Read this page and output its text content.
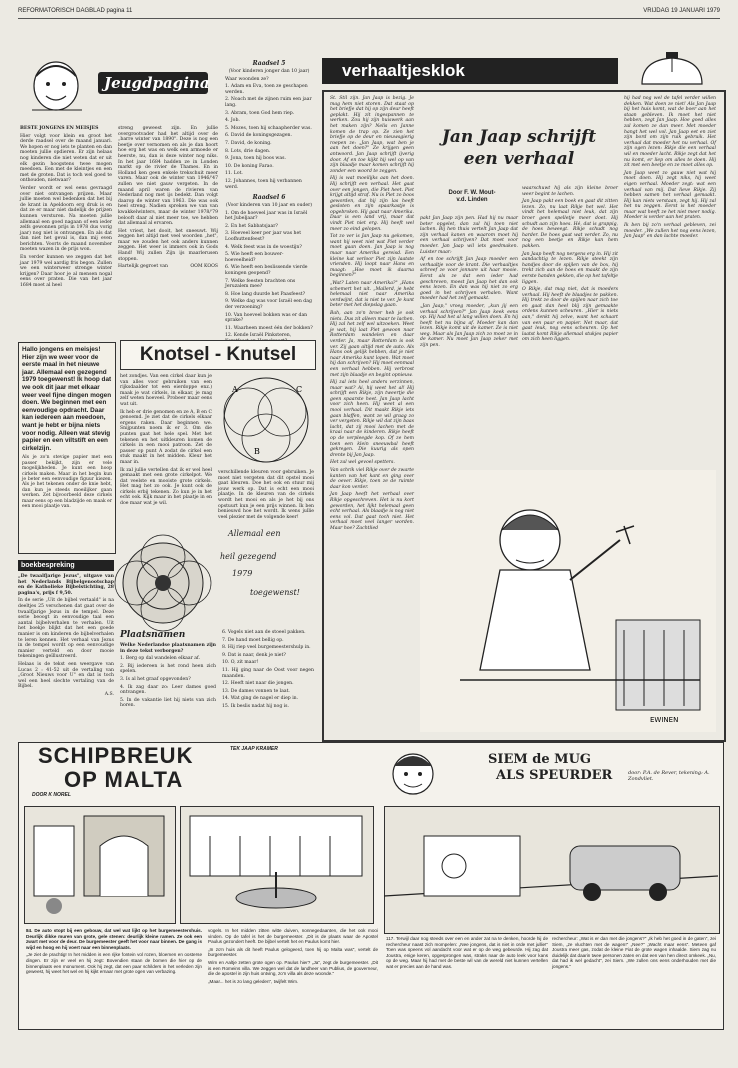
REFORMATORISCH DAGBLAD pagina 11	VRIJDAG 19 JANUARI 1979
Jeugdpagina

BESTE JONGENS EN MEISJES

Hier volgt voor klein en groot het derde raadsel over de maand januari. We hopen er nog iets te planten en dan moeten jullie opdieren. Er zijn helaas nog kinderen die niet weten dat er uit elk gezin hoogstens twee mogen meedoen. Een met de kleintjes en een met de groten. Dat is toch wel goed te onthouden, nietwaar?

Verder wordt er wel eens gevraagd over niet ontvangen prijzen. Maar jullie moeten wel bedenken dat het bij de krant in Apeldoorn erg druk is en dat ze er maar niet dadelijk de prijzen kunnen versturen. Na moeten jullie allemaal een goed nagaan of een ieder zelfs gewonnen prijs in 1978 dus vorig jaar) nog niet is ontvangen. En als dat dan niet het geval is, dan mij even berichten. Voorts de maand november moeten wazen in de prijs won.

En verder kunnen we zeggen dat het jaar 1979 wel aardig fris begon. Zullen we een winterweer strenge winter krijgen? Daar hoor je al mensen nogal eens over praten. Die van het jaar 1684 moet al heel

streng geweest zijn. En jullie overgrootvader had het altijd over de „barre winter van 1890". Deze is nog een beetje over vernomen en als je dan hoort hoe erg het was en welk een armoede er heerste, nu, dan is deze winter nog niks. In het jaar 1684 hadden ze in Londen markt op de rivier de Thames. En in Holland ken geen enkele trekschuit meer varen. Maar ook de winter van 1946/'47 zullen we niet gauw vergeten. In de maand april waren de rivieren van Nederland nog met ijs bedekt. Dan volgt daarop de winter van 1963. Die was ook heel streng. Nadien spreken we van van kwakkelwinters, maar de winter 1978/'79 belooft daar al niet meer toe, we hebben dat allemaal al ervaren.

Het vriest, het dooit, het sneeuwt. Wij zeggen het altijd met veel woorden „het", maar we zouden het ook anders kunnen zeggen. Het weer is immers ook in Gods Hand! Wij zullen Zijn ijs maarlerusen stoppen.

Hartelijk gegroet van	OOM KOOS

Raadsel 5

(Voor kinderen jonger dan 10 jaar)

Waar woonden ze?

1. Adam en Eva, toen ze geschapen werden.

2. Noach met de zijnen ruim een jaar lang.

3. Abram, toen God hem riep.

4. Job.

5. Mozes, toen hij schaapherder was.

6. David de koningsgezagen.

7. David, de koning.

8. Lots, drie dagen.

9. Jona, toen hij boos was.

10. De koning Farao.

11. Lot.

12. Johannes, toen hij verbannen werd.

Raadsel 6

(Voor kinderen van 10 jaar en ouder)

1. Om de hoeveel jaar was in Israël het Jubeljaar?

2. En het Sabbatsjaar?

3. Hoeveel keer per jaar was het Loofhuttenfeest?

4. Welk feest was in de woestijn?

5. Wie heeft een bouwer-hoeveelheid?

6. Wie heeft een beslissende vierde koningen geopend?

7. Welke feesten brachten ons Jeruzalem mee?

8. Hoe lang duurde het Paasfeest?

9. Welke dag was voor Israël een dag der verzoening?

10. Van hoeveel bokken was er dan sprake?

11. Waarheen moest één der bokken?

12. Kende Israël Pinksteren,

Hallo jongens en meisjes! Hier zijn we weer voor de eerste maal in het nieuwe jaar. Allemaal een gezegend 1979 toegewenst! Ik hoop dat we ook dit jaar met elkaar weer veel fijne dingen mogen doen. We beginnen met een eenvoudige opdracht. Daar kan iedereen aan meedoen, want je hebt er bijna niets voor nodig. Alleen wat stevig papier en een viltstift en een cirkelzijn.
Als je zo'n stevige papier met een passer bekijkt, zijn er vele mogelijkheden. Je kunt een hoop cirkels maken. Maar in het begin kun je beter een eenvoudige figuur kiezen. Als je het tekenen onder de knie hebt, dan kun je steeds moeilijker gaan werken. Zet bijvoorbeeld deze cirkels maar eens op een bladzijde en maak er een mooi plaatje van.
Knotsel - Knutsel

het zondjes. Van een cirkel daar kun je van alles voor gebruiken van een rijksdaalder tot een eierdoppe enz.) maak je wat cirkels, in elkaar, je mag zelf weten hoeveel. Probeer maar eens wat uit.

Ik heb er drie genomen en ze A, B en C genoemd. Je ziet dat de cirkels elkaar ergens raken. Daar beginnen we. Snijpunten noem ik er 3. Om die punten gaat het hele spel. Met het tekenen en het uitkleuren komen de cirkels in een mooi patroon. Zet de passer op punt A zodat de cirkel een stuk maakt in het midden. Kleur het maar in.

Ik zal jullie vertellen dat ik er wel heel gemaakt met een grote cirkelpot. We dat veelste en mooiste grote cirkels. Het mag het zo ook. Je kunt ook de cirkels erbij tekenen. Zo kun je in het echt ook. Kijk maar in het plaatje in en doe maar wat je wil.

A
B
C

verschillende kleuren voor gebruiken. Je moet niet vergeten dat dit opstel mooi gaat kleuren. Doe het ook en stuur mij jouw werk op. Dat is echt een mooi plaatje. In de kleuren van de cirkels wordt het mooi en als je het bij ons opstuurt kun je een prijs winnen. Ik ben benieuwd hoe het wordt. Ik wens jullie veel plezier met de volgende keer!

Allemaal een
heil gezegend
1979
toegewenst!
boekbespreking

„De twaalfjarige Jezus", uitgave van het Nederlands Bijbelgenootschap en de Katholieke Bijbelstichting, 28 pagina's, prijs f 9,50.

In de serie „Uit de bijbel vertaald" is na deeltjes 25 verschenen dat gaat over de twaalfjarige Jezus in de tempel. Deze serie beoogt in eenvoudige taal een aantal bijbelverhalen te verhalen. Uit het boekje blijkt dat het een goede manier is om kinderen de bijbelverhalen te leren kennen. Het verhaal van Jezus in de tempel wordt op een eenvoudige manier verteld en door mooie tekeningen geïllustreerd.

Helaas is de tekst een weergave van Lucas 2 : 41-52 uit de vertaling van „Groot Nieuws voor U" en dat is toch wel een heel slechte vertaling van de Bijbel.

A.S.

Plaatsnamen

Welke Nederlandse plaatsnamen zijn in deze tekst verborgen?

1. Berg op dal wandelen elkaar af.

2. Bij iedereen is het rond heen zich spelen.

3. Is al het graaf opgevonden?

4. Ik zag daar zo: Leer dames goed ontvangen.

5. In de vakantie liet hij niets van zich horen.

6. Vogels niet aan de stoeel pakken.

7. De hand moet bellig op.

8. Hij riep veel burgemeestershulp in.

9. Dat is naar, denk je niet?

10. O, zit maar!

11. Hij ging naar de Oost voor negen maanden.

12. Heeft niet naar die jongen.

13. De dames vonnen te laat.

14. Wat ging de nagel er diep in.

15. Ik beslis nadat hij nog is.

verhaaltjesklok

St. Stil zijn. Jan Jaap is bezig. Je mag hem niet storen. Dat staat op het briefje dat hij op zijn deur heeft geplakt. Hij zit ingespannen te werken. Zou hij zijn huiswerk aan het maken zijn? Nelis en Janne komen de trap op. Ze zien het briefje op de deur en nieuwsgierig roepen ze: „Jan Jaap, wat ben je aan het doen?" Ze krijgen geen antwoord. Jan Jaap schrijft ijverig door. Af en toe kijkt hij wel op van zijn blaadje maar komen schrijft hij zonder een woord te zeggen.

Hij is wat moeilijks aan het doen. Hij schrijft een verhaal. Het gaat over een jongen, die Piet heet. Piet krijgt altijd straf. Nu is Piet zo boos geworden, dat hij zijn las heeft gesloten en zijn spaarkastje is opgebroken. Hij gaat naar Amerika. Daar is een land vrij, maar dat vindt Piet niet erg. Hij heeft wel meer zo eind gelopen.

Tot zo ver is Jan Jaap nu gekomen, want hij weet niet wat Piet verder moet gaan doen. Jan Jaap is nog maar naar Amerika gereisd. Een kleine kat verloor Piet zijn laatste vrienden. Hij loopt naar Hans en maagt: „Hoe moet ik daarna beginnen?"

„Wat? Laten naar Amerika?" „Hans schemert het uit. „Mallerd, je hebt helemaal niet naar Amerika verdwijnt, dat is niet te ver. Je kunt beter met het diepslag gaan.

Bah, aan zo'n broer heb je ook niets. Dus zit alleen maar te lachen. Hij zal het zelf wel uitzoeken. Weet je wat, hij laat Piet gewoon naar Rotterdam wandelen en daar verder. Ja, maar Rotterdam is ook ver. Zij gaan altijd met de auto. Als Hans ook gelijk hebben, dat je niet naar Amerika kunt lopen. Wat moet hij dan schrijven? Hij moet eenmaal een verhaal hebben. Hij verbrost met zijn blaadje en begint opnieuw.

Hij zal iets heel anders verzinnen, maar wat? Ai, hij weet het al! Hij schrijft een Rikje, zijn tweertje die geen spaarste heet. Jan Jaap lacht voor zich heen. Hij weet al een mooi verhaal. Dit maakt Rikje iets gaan blaffen, want ze wil graag zo ver vergeten. Rikje wil dat zijn baas lacht, dat zij mooi lachen met de kraai naar de kinderen. Rikje heeft op de verpleegde kop. Of ze hem toen een klein sneeuwbal heeft gekregen. Die kuurig als open drente bij Jan Jaap.

Het zal wel gevoel spetters.

Van schrik viel Rikje over de zwarte kanten van het kant en ging over de oever. Rikje, toen ze de ruimte daar kon verder.

Jan Jaap heeft het verhaal over Rikje opgeschreven. Het is nu kort geworden, het lijkt helemaal geen echt verhaal. Als blaadje is nog niet eens vol. Dat gaat toch niet. Het verhaal moet veel langer worden. Maar hoe? Zachtlied

Jan Jaap schrijft
een verhaal
Door F. W. Mout-
v.d. Linden

pakt Jan Jaap zijn pen. Had hij nu maar beter opgelet, dan zal hij toen niet lachen. Bij hen thuis vertelt Jan Jaap dat zijn verhaal kanen en waarom moet hij een verhaal schrijven? Dat moet voor moeder. Jan Jaap wil iets goedmaken. Luister maar:

Af en toe schrijft Jan Jaap moeder een verhaaltje voor de krant. Die verhaaltjes schreef ze voor jonnare uit haar mooie. Eerst als ze dat een ieder had geschreven, moest Jan Jaap het dan ook eens lezen. En dan was hij niet zo erg goed in het schrijven verhalen. Want moeder had het zelf gemaakt.

„Jan Jaap," vroeg moeder, „kun jij een verhaal schrijven?" Jan Jaap keek eens op. Hij had het al lang willen doen. En hij heeft het nu bijna af. Moeder kan dan lezen. Rikje komt uit de kamer. Ze is niet weg. Maar als Jan Jaap zich zo moet ze in de kamer. Nu moet Jan Jaap zeker met zijn pen.

waarschuwt hij als zijn kleine broer weer begint te lachen.

Jan Jaap pakt een boek en gaat dit zitten lezen. Zo, nu laat Rikje het wel. Het vindt het helemaal niet leuk, dat zijn broer geen spelletje meer doet. Hij schudt aan zijn hoes. Hé, dat is grappig, de hoes beweegt. Rikje schudt nog harder. De hoes gaat wat verder. Zo, nu nog een beetje en Rikje kan hem pakken.

Jan Jaap heeft nog nergens erg in. Hij zit aandachtig te lezen. Rikje steekt zijn handjes door de spijlen van de box, hij trekt zich aan de hoes en maakt de zijn eerste handen gekken, die op het tafeltje liggen.

O Rikje, dat mag niet, dat is moeders verhaal. Hij heeft de blaadjes te pakken. Hij trekt ze door de spijlen naar zich toe en gaat dan heel blij zijn gemaakte ordens kunnen scheuren. „Hier is niets aan," denkt hij zelve, want het schaart van een paar en papier. Net maar, dat gaat leuk, nog eens scheuren. Op het laatst komt Rikje allemaal stukjes papier om zich heen liggen.

hij had nog wel de tafel verder willen dekken. Wat doen ze niet! Als Jan Jaap bij het huis komt, wat de boer aan het staan gebleven. Ik moet het niet hebben, zegt Jan Jaap. Hoe goed alles zal komen ze dan meer. Met moeder hangt het wel vol. Jan Jaap eet en ziet zijn bord om zijn ruik gebruik. Het verhaal dat moeder het nu verhaal. Of zijn ogen lezen: Rikje die een verhaal wil en moeder lacht. Rikje zegt dat het nu komt, er liep om alles te doen. Hij zit met een beetje en ze moet alles op.

Jan Jaap weet zo gauw niet wat hij moet doen. Hij zegt niks, hij weet eigen verhaal. Moeder zegt: wat een verhaal van mij. Dat lieve Rikje. Zij hebben samen het verhaal gemaakt. Hij kan niets verstaan, zegt hij. Hij zal het nu zeggen. Eerst is het moeder maar wat heeft ze het niet meer nodig. Moeder is verder aan het praten.

Ik ben bij zo'n verhaal gebleven, zei moeder. „We zullen het nog eens lezen, Jan Jaap" en dan lachte moeder.

EWINEN
SCHIPBREUK	TEK JAAP KRAMER
OP MALTA
DOOR K NOREL
SIEM de MUG
ALS SPEURDER	door: P.A. de Rever, tekening: A. Zondvliet.

84. De auto stopt bij een gebouw, dat wel wat lijkt op het burgemeestershuis. Deurlijk dikke muren van grote, gele stenen: deurlijk kleine ramen. Ze ook een zwart met voor de deur. De burgemeester geeft het voor naar binnen. De gang is wijd en hoog en hij voert naar een binnenplaats.

„Je ziet de prachtig! In het midden is een rijke fontein vol rozen, bloemen en oosterse dingen. Er zijn er veel en hij zegt: Bovendien staan de bomen die hier op de binnenplaats een monument. Ook hij zegt, dat een paar schilders in het verleden zijn geweest, hij weet het wel en hij kijkt ernaar met grote ogen van verbazing.

vogels. In het midden zitten witte duiven, nonnegedaanten, die het ook mooi vinden. Op de tafel is het de burgemeester. „Dit is de plaats waar de Apostel Paulus gezondert heeft. De bijbel vertelt het en Paulus komt hier.

„In zo'n huis als dit heeft Paulus gelogeerd, toen hij op Malta was", vertelt de burgemeester.

Wim en Aaltje zetten grote ogen op. Paulus hier? „Ja", zegt de burgemeester. „Dit is een Romeins villa. We zeggen wel dat de landheer van Publius, de gouverneur, die de apostel in zijn huis ontving, zo'n villa als deze woonde."

„Maar... het is zo lang geleden", twijfelt Wim.

117. Terwijl daar nog steeds over een en ander zat na te denken, hoorde hij de rechercheur naast zich mompelen: „Nee jongens, dat is niet in orde met jullie!" Toen was opeens vol aandacht voor wat er op de weg gebeurde. Hij zag dat Joustra, enige keren, opgesprongen was, straks naar de auto leek voor kans op de weg. Maar hij had met de beste wil van de wereld niet kunnen vertellen wat er precies aan de hand was.

rechercheur: „Wat is er dan met die jongens?" „Ik heb het goed in de gaten", zei Siem, „ze vluchten met de wagen!" „Nee?" „Wacht maar eens". Meteen gaf Joustra meer gas, zodat de kleine Fiat de grote wagen inhaalde. Siem zag nu duidelijk dat daarin twee personen zaten en dat een van hen direct omkeek. „Nu, dat had ik wel gedacht", zei Siem. „We zullen ons eens onderhouden met die jongens."
